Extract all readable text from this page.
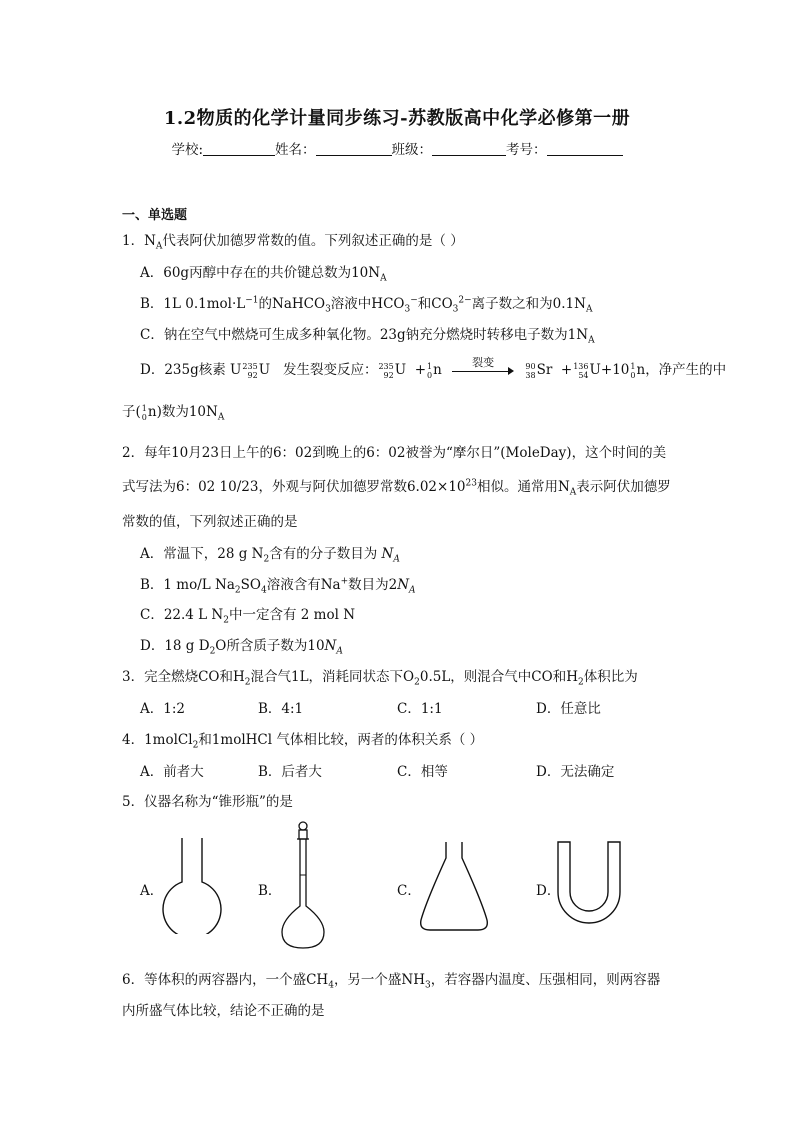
1.2物质的化学计量同步练习-苏教版高中化学必修第一册
学校:	姓名：	班级：	考号：
一、单选题
1．$N_A$代表阿伏加德罗常数的值。下列叙述正确的是（ ）
A．60g丙醇中存在的共价键总数为$10N_A$
B．1L $0.1mol\cdot L^{-1}$的NaHCO$_3$溶液中$HCO_3^-$和$CO_3^{2-}$离子数之和为$0.1N_A$
C．钠在空气中燃烧可生成多种氧化物。23g钠充分燃烧时转移电子数为$1N_A$
D．235g核素 U235
92U 发生裂变反应：235
92U  +1
0n	裂变	90
38Sr  +136
54U+101
0n，净产生的中
子(1
0n)数为$10N_A$
2．每年10月23日上午的6：02到晚上的6：02被誉为“摩尔日”(MoleDay)，这个时间的美
式写法为6：02 10/23，外观与阿伏加德罗常数$6.02\times 10^{23}$相似。通常用$N_A$表示阿伏加德罗
常数的值，下列叙述正确的是
A．常温下，28 g $N_2$含有的分子数目为 $N_A$
B．1 mo/L $Na_2SO_4$溶液含有Na+数目为$2N_A$
C．22.4 L $N_2$中一定含有 2 mol N
D．18 g $D_2O$所含质子数为$10N_A$
3．完全燃烧CO和$H_2$混合气1L，消耗同状态下$O_20.5L$，则混合气中CO和$H_2$体积比为
A．1:2	B．4:1	C．1:1	D．任意比
4．1molCl$_2$和1molHCl 气体相比较，两者的体积关系（ ）
A．前者大	B．后者大	C．相等	D．无法确定
5．仪器名称为“锥形瓶”的是
A．	B．	C．	D．
6．等体积的两容器内，一个盛$CH_4$，另一个盛$NH_3$，若容器内温度、压强相同，则两容器
内所盛气体比较，结论不正确的是
